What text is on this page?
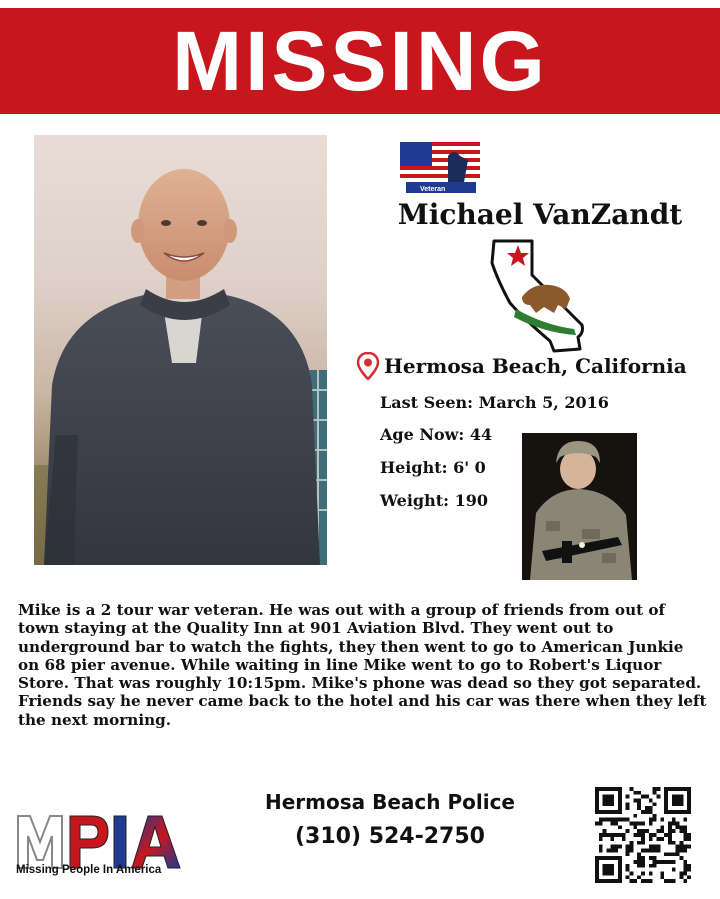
MISSING
Veteran
Michael VanZandt
Hermosa Beach, California
Last Seen: March 5, 2016
Age Now: 44
Height: 6' 0
Weight: 190
Mike is a 2 tour war veteran. He was out with a group of friends from out of town staying at the Quality Inn at 901 Aviation Blvd. They went out to underground bar to watch the fights, they then went to go to American Junkie on 68 pier avenue. While waiting in line Mike went to go to Robert's Liquor Store. That was roughly 10:15pm. Mike's phone was dead so they got separated. Friends say he never came back to the hotel and his car was there when they left the next morning.
Missing People In America
Hermosa Beach Police
(310) 524-2750
